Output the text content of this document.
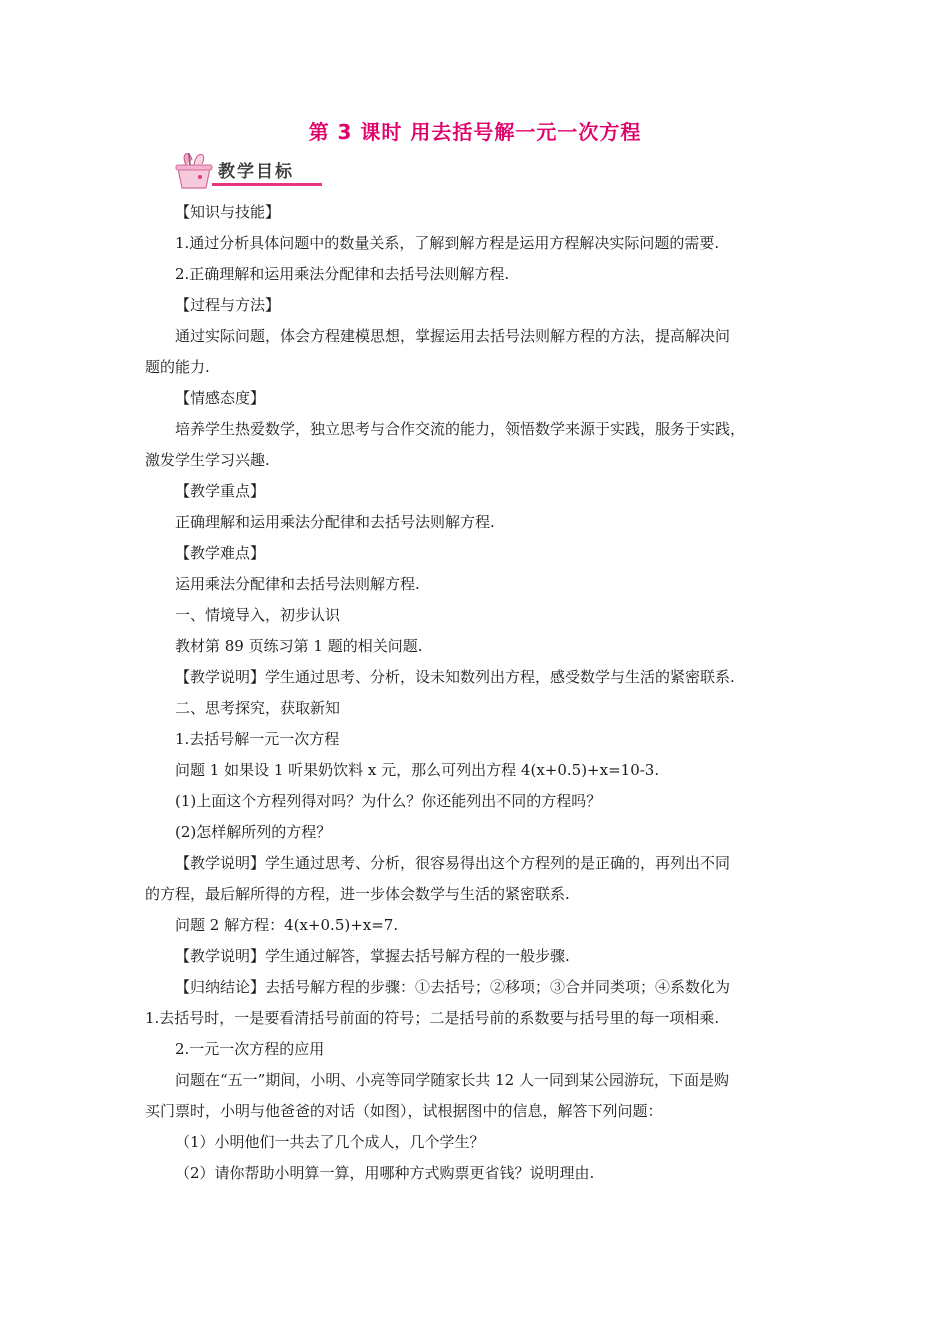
第 3 课时 用去括号解一元一次方程
教学目标
【知识与技能】
1.通过分析具体问题中的数量关系，了解到解方程是运用方程解决实际问题的需要.
2.正确理解和运用乘法分配律和去括号法则解方程.
【过程与方法】
通过实际问题，体会方程建模思想，掌握运用去括号法则解方程的方法，提高解决问
题的能力.
【情感态度】
培养学生热爱数学，独立思考与合作交流的能力，领悟数学来源于实践，服务于实践，
激发学生学习兴趣.
【教学重点】
正确理解和运用乘法分配律和去括号法则解方程.
【教学难点】
运用乘法分配律和去括号法则解方程.
一、情境导入，初步认识
教材第 89 页练习第 1 题的相关问题.
【教学说明】学生通过思考、分析，设未知数列出方程，感受数学与生活的紧密联系.
二、思考探究，获取新知
1.去括号解一元一次方程
问题 1 如果设 1 听果奶饮料 x 元，那么可列出方程 4(x+0.5)+x=10-3.
(1)上面这个方程列得对吗？为什么？你还能列出不同的方程吗？
(2)怎样解所列的方程？
【教学说明】学生通过思考、分析，很容易得出这个方程列的是正确的，再列出不同
的方程，最后解所得的方程，进一步体会数学与生活的紧密联系.
问题 2 解方程：4(x+0.5)+x=7.
【教学说明】学生通过解答，掌握去括号解方程的一般步骤.
【归纳结论】去括号解方程的步骤：①去括号；②移项；③合并同类项；④系数化为
1.去括号时，一是要看清括号前面的符号；二是括号前的系数要与括号里的每一项相乘.
2.一元一次方程的应用
问题在“五一”期间，小明、小亮等同学随家长共 12 人一同到某公园游玩，下面是购
买门票时，小明与他爸爸的对话（如图），试根据图中的信息，解答下列问题：
（1）小明他们一共去了几个成人，几个学生？
（2）请你帮助小明算一算，用哪种方式购票更省钱？说明理由.
